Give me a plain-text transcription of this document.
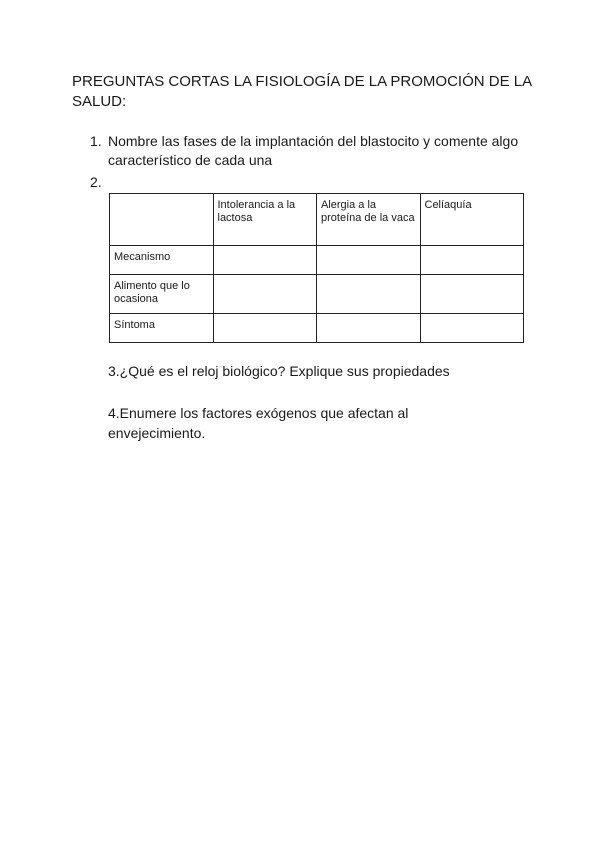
PREGUNTAS CORTAS LA FISIOLOGÍA DE LA PROMOCIÓN DE LA SALUD:
1. Nombre las fases de la implantación del blastocito y comente algo característico de cada una
2.
	Intolerancia a la lactosa	Alergia a la proteína de la vaca	Celíaquía
Mecanismo			
Alimento que lo ocasiona			
Síntoma			

3.¿Qué es el reloj biológico? Explique sus propiedades

4.Enumere los factores exógenos que afectan al envejecimiento.
